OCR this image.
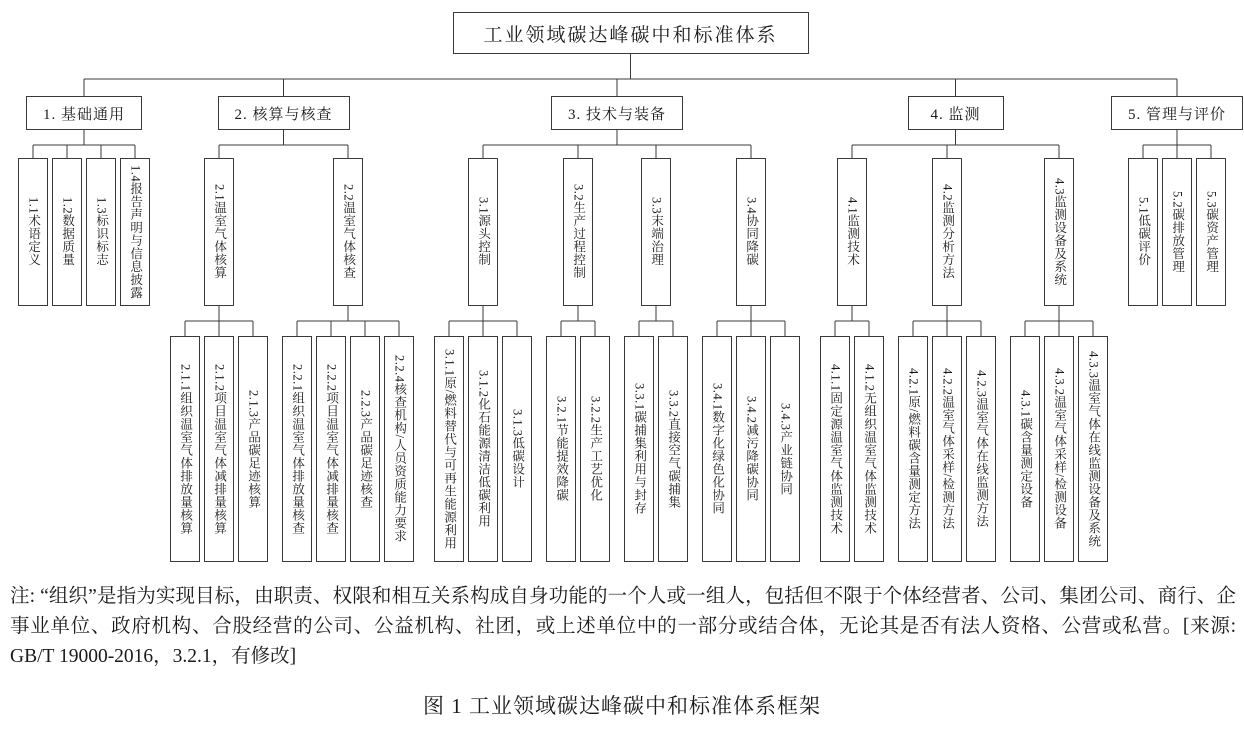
工业领域碳达峰碳中和标准体系
1. 基础通用
1.1术语定义	1.2数据质量	1.3标识标志	1.4报告声明与信息披露
2. 核算与核查
2.1温室气体核算
2.1.1组织温室气体排放量核算	2.1.2项目温室气体减排量核算	2.1.3产品碳足迹核算
2.2温室气体核查
2.2.1组织温室气体排放量核查	2.2.2项目温室气体减排量核查	2.2.3产品碳足迹核查	2.2.4核查机构/人员资质能力要求
3. 技术与装备
3.1源头控制
3.1.1原/燃料替代与可再生能源利用	3.1.2化石能源清洁低碳利用	3.1.3低碳设计
3.2生产过程控制
3.2.1节能提效降碳	3.2.2生产工艺优化
3.3末端治理
3.3.1碳捕集利用与封存	3.3.2直接空气碳捕集
3.4协同降碳
3.4.1数字化绿色化协同	3.4.2减污降碳协同	3.4.3产业链协同
4. 监测
4.1监测技术
4.1.1固定源温室气体监测技术	4.1.2无组织温室气体监测技术
4.2监测分析方法
4.2.1原/燃料碳含量测定方法	4.2.2温室气体采样/检测方法	4.2.3温室气体在线监测方法
4.3监测设备及系统
4.3.1碳含量测定设备	4.3.2温室气体采样/检测设备	4.3.3温室气体在线监测设备及系统
5. 管理与评价
5.1低碳评价	5.2碳排放管理	5.3碳资产管理

注: “组织”是指为实现目标，由职责、权限和相互关系构成自身功能的一个人或一组人，包括但不限于个体经营者、公司、集团公司、商行、企事业单位、政府机构、合股经营的公司、公益机构、社团，或上述单位中的一部分或结合体，无论其是否有法人资格、公营或私营。[来源: GB/T 19000-2016，3.2.1，有修改]

图 1 工业领域碳达峰碳中和标准体系框架
